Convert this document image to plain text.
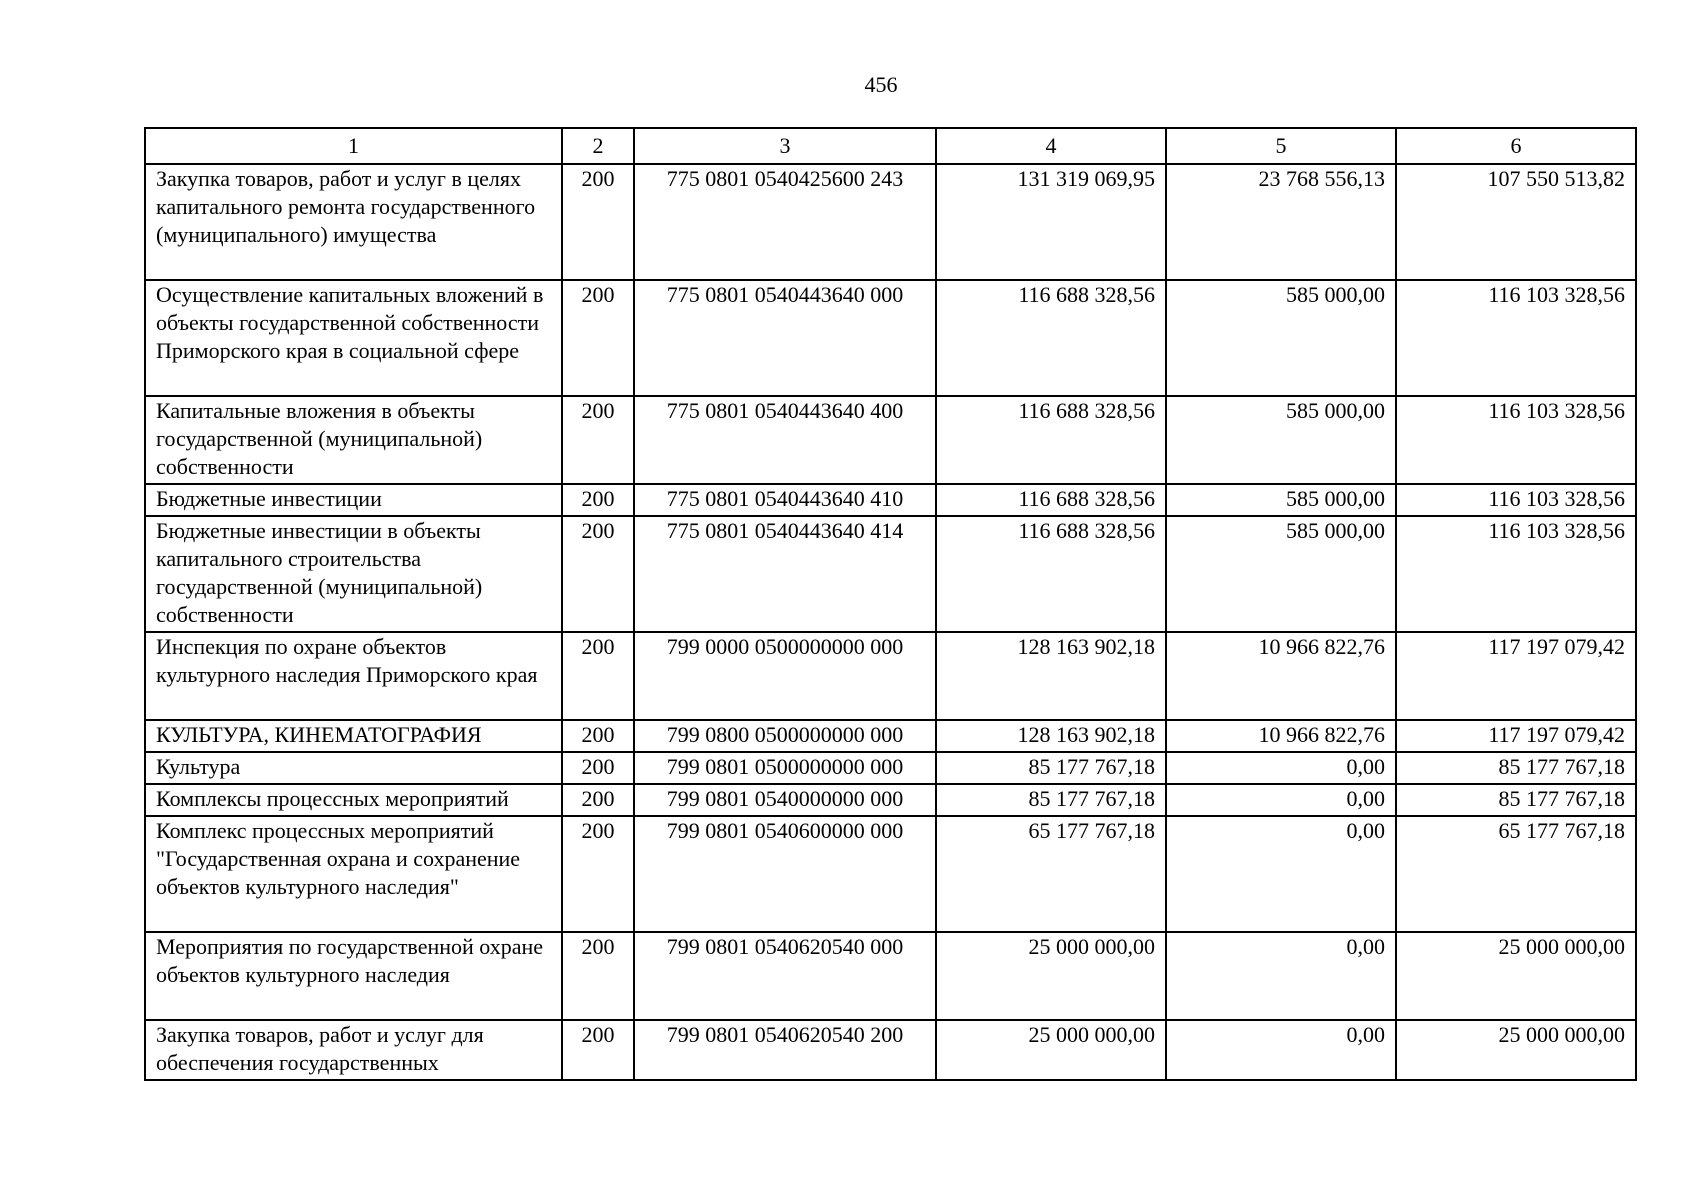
456
1	2	3	4	5	6
Закупка товаров, работ и услуг в целях капитального ремонта государственного (муниципального) имущества	200	775 0801 0540425600 243	131 319 069,95	23 768 556,13	107 550 513,82
Осуществление капитальных вложений в объекты государственной собственности Приморского края в социальной сфере	200	775 0801 0540443640 000	116 688 328,56	585 000,00	116 103 328,56
Капитальные вложения в объекты государственной (муниципальной) собственности	200	775 0801 0540443640 400	116 688 328,56	585 000,00	116 103 328,56
Бюджетные инвестиции	200	775 0801 0540443640 410	116 688 328,56	585 000,00	116 103 328,56
Бюджетные инвестиции в объекты капитального строительства государственной (муниципальной) собственности	200	775 0801 0540443640 414	116 688 328,56	585 000,00	116 103 328,56
Инспекция по охране объектов культурного наследия Приморского края	200	799 0000 0500000000 000	128 163 902,18	10 966 822,76	117 197 079,42
КУЛЬТУРА, КИНЕМАТОГРАФИЯ	200	799 0800 0500000000 000	128 163 902,18	10 966 822,76	117 197 079,42
Культура	200	799 0801 0500000000 000	85 177 767,18	0,00	85 177 767,18
Комплексы процессных мероприятий	200	799 0801 0540000000 000	85 177 767,18	0,00	85 177 767,18
Комплекс процессных мероприятий "Государственная охрана и сохранение объектов культурного наследия"	200	799 0801 0540600000 000	65 177 767,18	0,00	65 177 767,18
Мероприятия по государственной охране объектов культурного наследия	200	799 0801 0540620540 000	25 000 000,00	0,00	25 000 000,00
Закупка товаров, работ и услуг для обеспечения государственных	200	799 0801 0540620540 200	25 000 000,00	0,00	25 000 000,00
